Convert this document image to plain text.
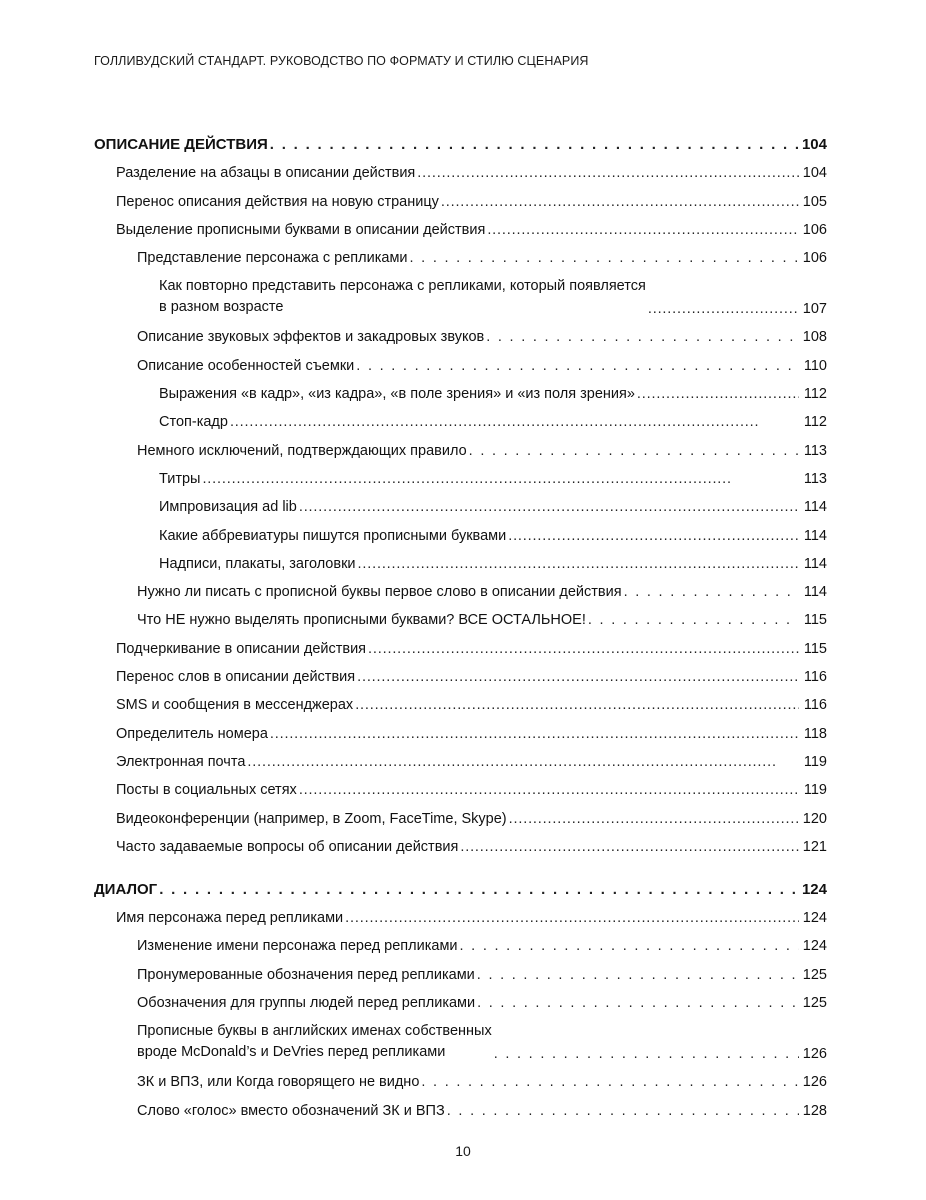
ГОЛЛИВУДСКИЙ СТАНДАРТ. РУКОВОДСТВО ПО ФОРМАТУ И СТИЛЮ СЦЕНАРИЯ
ОПИСАНИЕ ДЕЙСТВИЯ . . .	104
Разделение на абзацы в описании действия . . .	104
Перенос описания действия на новую страницу . . .	105
Выделение прописными буквами в описании действия . . .	106
Представление персонажа с репликами . . .	106
Как повторно представить персонажа с репликами, который появляется
в разном возрасте . . .	107
Описание звуковых эффектов и закадровых звуков . . .	108
Описание особенностей съемки . . .	110
Выражения «в кадр», «из кадра», «в поле зрения» и «из поля зрения» . . .	112
Стоп-кадр . . .	112
Немного исключений, подтверждающих правило . . .	113
Титры . . .	113
Импровизация ad lib . . .	114
Какие аббревиатуры пишутся прописными буквами . . .	114
Надписи, плакаты, заголовки . . .	114
Нужно ли писать с прописной буквы первое слово в описании действия . . .	114
Что НЕ нужно выделять прописными буквами? ВСЕ ОСТАЛЬНОЕ! . . .	115
Подчеркивание в описании действия . . .	115
Перенос слов в описании действия . . .	116
SMS и сообщения в мессенджерах . . .	116
Определитель номера . . .	118
Электронная почта . . .	119
Посты в социальных сетях . . .	119
Видеоконференции (например, в Zoom, FaceTime, Skype) . . .	120
Часто задаваемые вопросы об описании действия . . .	121
ДИАЛОГ . . .	124
Имя персонажа перед репликами . . .	124
Изменение имени персонажа перед репликами . . .	124
Пронумерованные обозначения перед репликами . . .	125
Обозначения для группы людей перед репликами . . .	125
Прописные буквы в английских именах собственных
вроде McDonald’s и DeVries перед репликами . . .	126
ЗК и ВПЗ, или Когда говорящего не видно . . .	126
Слово «голос» вместо обозначений ЗК и ВПЗ . . .	128
10
